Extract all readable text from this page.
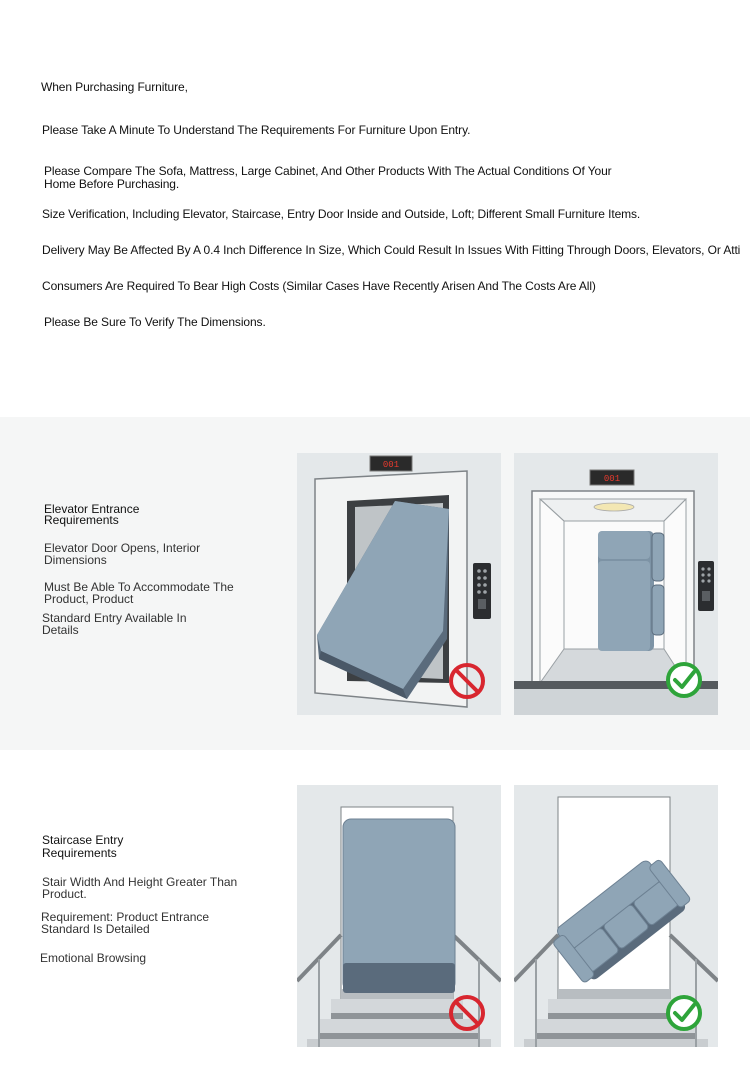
When Purchasing Furniture,
Please Take A Minute To Understand The Requirements For Furniture Upon Entry.
Please Compare The Sofa, Mattress, Large Cabinet, And Other Products With The Actual Conditions Of Your Home Before Purchasing.
Size Verification, Including Elevator, Staircase, Entry Door Inside and Outside, Loft; Different Small Furniture Items.
Delivery May Be Affected By A 0.4 Inch Difference In Size, Which Could Result In Issues With Fitting Through Doors, Elevators, Or Atti
Consumers Are Required To Bear High Costs (Similar Cases Have Recently Arisen And The Costs Are All)
Please Be Sure To Verify The Dimensions.
Elevator Entrance Requirements
Elevator Door Opens, Interior Dimensions
Must Be Able To Accommodate The Product, Product
Standard Entry Available In Details
001
001
Staircase Entry Requirements
Stair Width And Height Greater Than Product.
Requirement: Product Entrance Standard Is Detailed
Emotional Browsing
